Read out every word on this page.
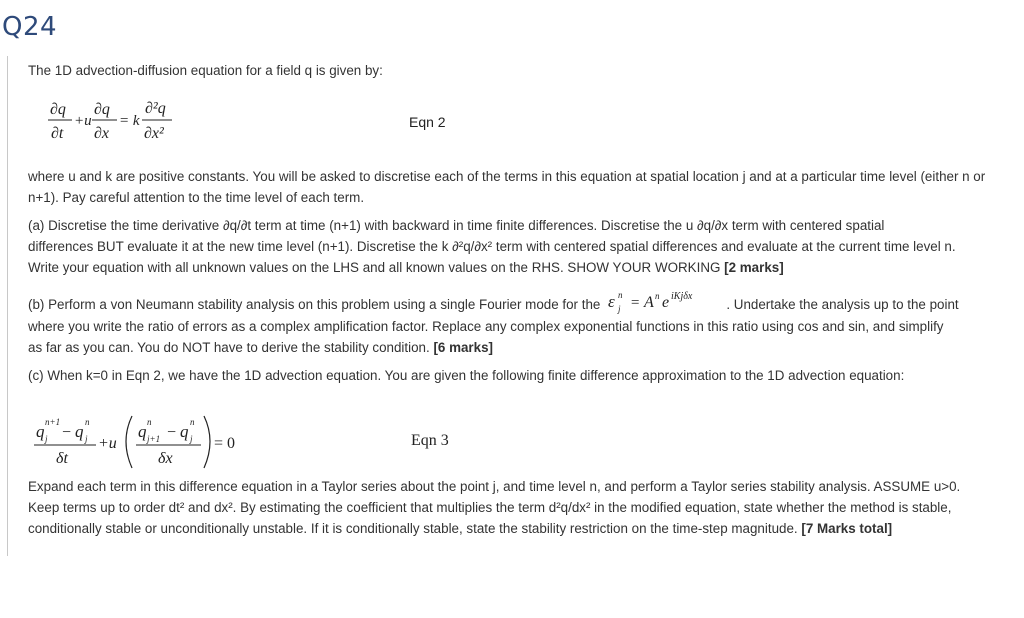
Q24
The 1D advection-diffusion equation for a field q is given by:
∂q
∂t
+u
∂q
∂x
= k
∂²q
∂x²
Eqn 2
where u and k are positive constants. You will be asked to discretise each of the terms in this equation at spatial location j and at a particular time level (either n or n+1). Pay careful attention to the time level of each term.
(a) Discretise the time derivative ∂q/∂t term at time (n+1) with backward in time finite differences. Discretise the u ∂q/∂x term with centered spatial
differences BUT evaluate it at the new time level (n+1). Discretise the k ∂²q/∂x² term with centered spatial differences and evaluate at the current time level n.
Write your equation with all unknown values on the LHS and all known values on the RHS. SHOW YOUR WORKING [2 marks]
(b) Perform a von Neumann stability analysis on this problem using a single Fourier mode for the ε n
j = A n e iKjδx
. Undertake the analysis up to the point
where you write the ratio of errors as a complex amplification factor. Replace any complex exponential functions in this ratio using cos and sin, and simplify
as far as you can. You do NOT have to derive the stability condition. [6 marks]
(c) When k=0 in Eqn 2, we have the 1D advection equation. You are given the following finite difference approximation to the 1D advection equation:
q n+1
j − q n
j
δt
+u
q n
j+1 − q n
j
δx
= 0	Eqn 3
Expand each term in this difference equation in a Taylor series about the point j, and time level n, and perform a Taylor series stability analysis. ASSUME u>0.
Keep terms up to order dt² and dx². By estimating the coefficient that multiplies the term d²q/dx² in the modified equation, state whether the method is stable,
conditionally stable or unconditionally unstable. If it is conditionally stable, state the stability restriction on the time-step magnitude. [7 Marks total]
